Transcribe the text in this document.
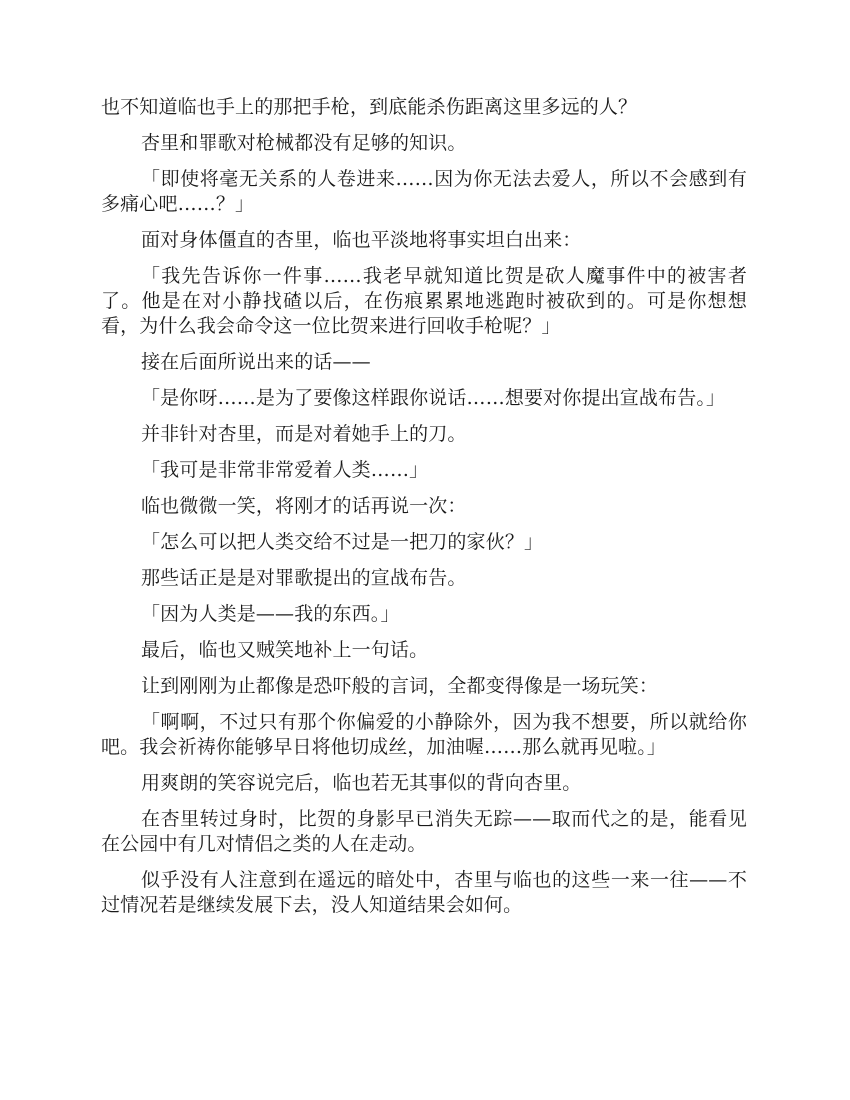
也不知道临也手上的那把手枪，到底能杀伤距离这里多远的人？

杏里和罪歌对枪械都没有足够的知识。

「即使将毫无关系的人卷进来……因为你无法去爱人，所以不会感到有多痛心吧……？」

面对身体僵直的杏里，临也平淡地将事实坦白出来：

「我先告诉你一件事……我老早就知道比贺是砍人魔事件中的被害者了。他是在对小静找碴以后，在伤痕累累地逃跑时被砍到的。可是你想想看，为什么我会命令这一位比贺来进行回收手枪呢？」

接在后面所说出来的话——

「是你呀……是为了要像这样跟你说话……想要对你提出宣战布告。」

并非针对杏里，而是对着她手上的刀。

「我可是非常非常爱着人类……」

临也微微一笑，将刚才的话再说一次：

「怎么可以把人类交给不过是一把刀的家伙？」

那些话正是是对罪歌提出的宣战布告。

「因为人类是——我的东西。」

最后，临也又贼笑地补上一句话。

让到刚刚为止都像是恐吓般的言词，全都变得像是一场玩笑：

「啊啊，不过只有那个你偏爱的小静除外，因为我不想要，所以就给你吧。我会祈祷你能够早日将他切成丝，加油喔……那么就再见啦。」

用爽朗的笑容说完后，临也若无其事似的背向杏里。

在杏里转过身时，比贺的身影早已消失无踪——取而代之的是，能看见在公园中有几对情侣之类的人在走动。

似乎没有人注意到在遥远的暗处中，杏里与临也的这些一来一往——不过情况若是继续发展下去，没人知道结果会如何。
